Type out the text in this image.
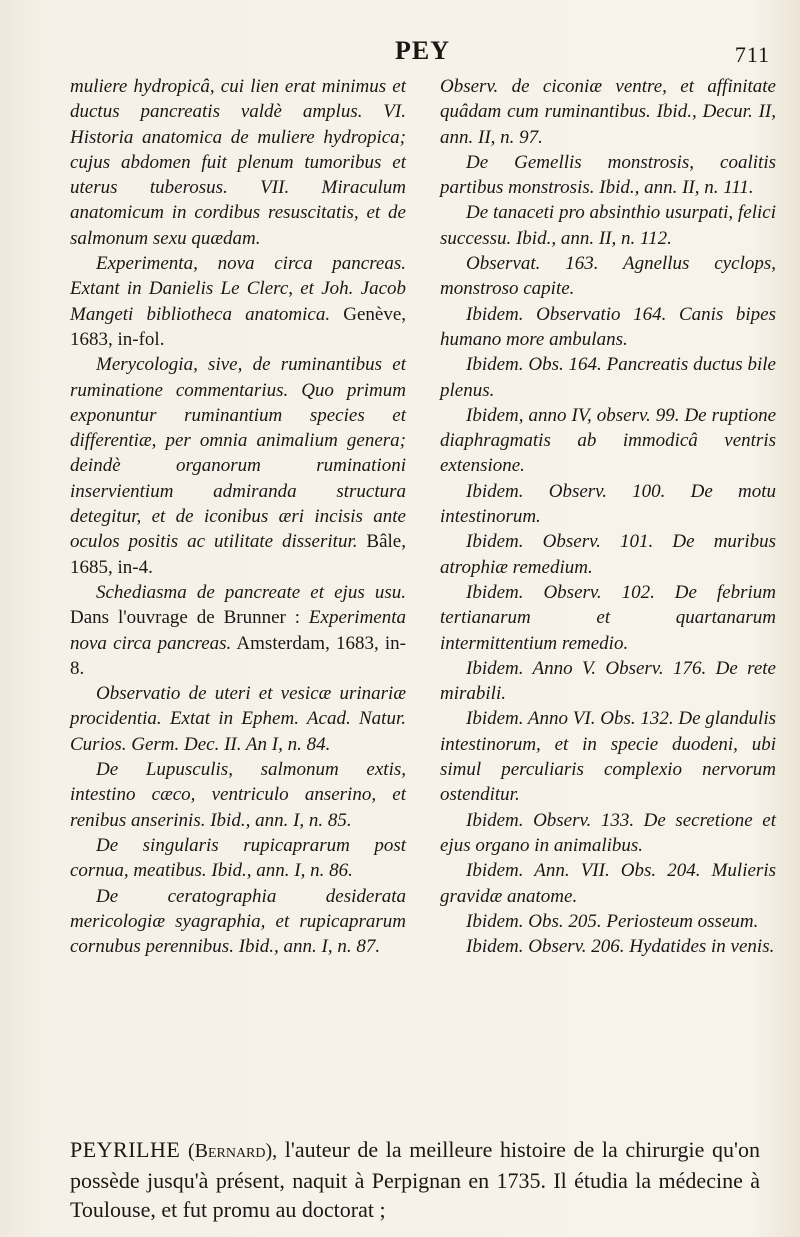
PEY	711

muliere hydropicâ, cui lien erat minimus et ductus pancreatis valdè amplus. VI. Historia anatomica de muliere hydropica; cujus abdomen fuit plenum tumoribus et uterus tuberosus. VII. Miraculum anatomicum in cordibus resuscitatis, et de salmonum sexu quædam.

Experimenta, nova circa pancreas. Extant in Danielis Le Clerc, et Joh. Jacob Mangeti bibliotheca anatomica. Genève, 1683, in-fol.

Merycologia, sive, de ruminantibus et ruminatione commentarius. Quo primum exponuntur ruminantium species et differentiæ, per omnia animalium genera; deindè organorum ruminationi inservientium admiranda structura detegitur, et de iconibus æri incisis ante oculos positis ac utilitate disseritur. Bâle, 1685, in-4.

Schediasma de pancreate et ejus usu. Dans l'ouvrage de Brunner : Experimenta nova circa pancreas. Amsterdam, 1683, in-8.

Observatio de uteri et vesicæ urinariæ procidentia. Extat in Ephem. Acad. Natur. Curios. Germ. Dec. II. An I, n. 84.

De Lupusculis, salmonum extis, intestino cæco, ventriculo anserino, et renibus anserinis. Ibid., ann. I, n. 85.

De singularis rupicaprarum post cornua, meatibus. Ibid., ann. I, n. 86.

De ceratographia desiderata mericologiæ syagraphia, et rupicaprarum cornubus perennibus. Ibid., ann. I, n. 87.

Observ. de ciconiæ ventre, et affinitate quâdam cum ruminantibus. Ibid., Decur. II, ann. II, n. 97.

De Gemellis monstrosis, coalitis partibus monstrosis. Ibid., ann. II, n. 111.

De tanaceti pro absinthio usurpati, felici successu. Ibid., ann. II, n. 112.

Observat. 163. Agnellus cyclops, monstroso capite.

Ibidem. Observatio 164. Canis bipes humano more ambulans.

Ibidem. Obs. 164. Pancreatis ductus bile plenus.

Ibidem, anno IV, observ. 99. De ruptione diaphragmatis ab immodicâ ventris extensione.

Ibidem. Observ. 100. De motu intestinorum.

Ibidem. Observ. 101. De muribus atrophiæ remedium.

Ibidem. Observ. 102. De febrium tertianarum et quartanarum intermittentium remedio.

Ibidem. Anno V. Observ. 176. De rete mirabili.

Ibidem. Anno VI. Obs. 132. De glandulis intestinorum, et in specie duodeni, ubi simul perculiaris complexio nervorum ostenditur.

Ibidem. Observ. 133. De secretione et ejus organo in animalibus.

Ibidem. Ann. VII. Obs. 204. Mulieris gravidæ anatome.

Ibidem. Obs. 205. Periosteum osseum.

Ibidem. Observ. 206. Hydatides in venis.

PEYRILHE (Bernard), l'auteur de la meilleure histoire de la chirurgie qu'on possède jusqu'à présent, naquit à Perpignan en 1735. Il étudia la médecine à Toulouse, et fut promu au doctorat ;
